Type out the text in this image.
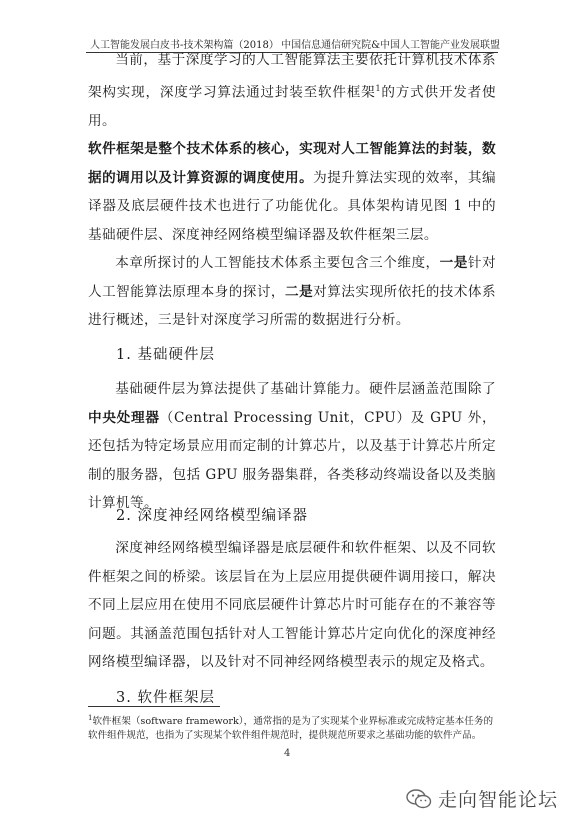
人工智能发展白皮书-技术架构篇（2018） 中国信息通信研究院&中国人工智能产业发展联盟

当前，基于深度学习的人工智能算法主要依托计算机技术体系架构实现，深度学习算法通过封装至软件框架$^1$的方式供开发者使用。

软件框架是整个技术体系的核心，实现对人工智能算法的封装，数据的调用以及计算资源的调度使用。为提升算法实现的效率，其编译器及底层硬件技术也进行了功能优化。具体架构请见图 1 中的基础硬件层、深度神经网络模型编译器及软件框架三层。

本章所探讨的人工智能技术体系主要包含三个维度，一是针对人工智能算法原理本身的探讨，二是对算法实现所依托的技术体系进行概述，三是针对深度学习所需的数据进行分析。

1. 基础硬件层

基础硬件层为算法提供了基础计算能力。硬件层涵盖范围除了中央处理器（Central Processing Unit，CPU）及 GPU 外，还包括为特定场景应用而定制的计算芯片，以及基于计算芯片所定制的服务器，包括 GPU 服务器集群，各类移动终端设备以及类脑计算机等。

2. 深度神经网络模型编译器

深度神经网络模型编译器是底层硬件和软件框架、以及不同软件框架之间的桥梁。该层旨在为上层应用提供硬件调用接口，解决不同上层应用在使用不同底层硬件计算芯片时可能存在的不兼容等问题。其涵盖范围包括针对人工智能计算芯片定向优化的深度神经网络模型编译器，以及针对不同神经网络模型表示的规定及格式。

3. 软件框架层
$^1$软件框架（software framework），通常指的是为了实现某个业界标准或完成特定基本任务的软件组件规范，也指为了实现某个软件组件规范时，提供规范所要求之基础功能的软件产品。
4
走向智能论坛
